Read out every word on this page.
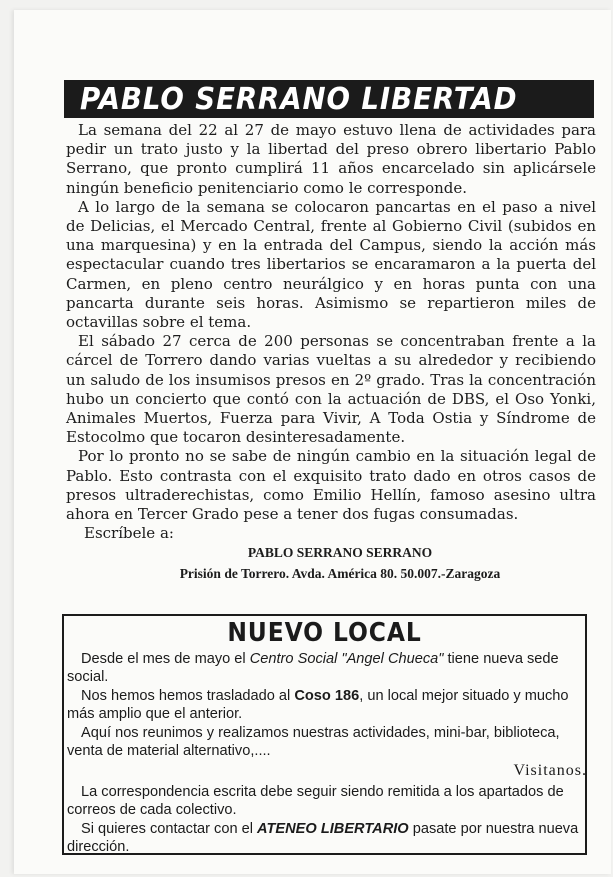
PABLO SERRANO LIBERTAD

La semana del 22 al 27 de mayo estuvo llena de actividades para pedir un trato justo y la libertad del preso obrero libertario Pablo Serrano, que pronto cumplirá 11 años encarcelado sin aplicársele ningún beneficio penitenciario como le corresponde.

A lo largo de la semana se colocaron pancartas en el paso a nivel de Delicias, el Mercado Central, frente al Gobierno Civil (subidos en una marquesina) y en la entrada del Campus, siendo la acción más espectacular cuando tres libertarios se encaramaron a la puerta del Carmen, en pleno centro neurálgico y en horas punta con una pancarta durante seis horas. Asimismo se repartieron miles de octavillas sobre el tema.

El sábado 27 cerca de 200 personas se concentraban frente a la cárcel de Torrero dando varias vueltas a su alrededor y recibiendo un saludo de los insumisos presos en 2º grado. Tras la concentración hubo un concierto que contó con la actuación de DBS, el Oso Yonki, Animales Muertos, Fuerza para Vivir, A Toda Ostia y Síndrome de Estocolmo que tocaron desinteresadamente.

Por lo pronto no se sabe de ningún cambio en la situación legal de Pablo. Esto contrasta con el exquisito trato dado en otros casos de presos ultraderechistas, como Emilio Hellín, famoso asesino ultra ahora en Tercer Grado pese a tener dos fugas consumadas.

Escríbele a:

PABLO SERRANO SERRANO
Prisión de Torrero. Avda. América 80. 50.007.-Zaragoza
NUEVO LOCAL

Desde el mes de mayo el Centro Social "Angel Chueca" tiene nueva sede social.

Nos hemos hemos trasladado al Coso 186, un local mejor situado y mucho más amplio que el anterior.

Aquí nos reunimos y realizamos nuestras actividades, mini-bar, biblioteca, venta de material alternativo,....

Visitanos.

La correspondencia escrita debe seguir siendo remitida a los apartados de correos de cada colectivo.

Si quieres contactar con el ATENEO LIBERTARIO pasate por nuestra nueva dirección.
